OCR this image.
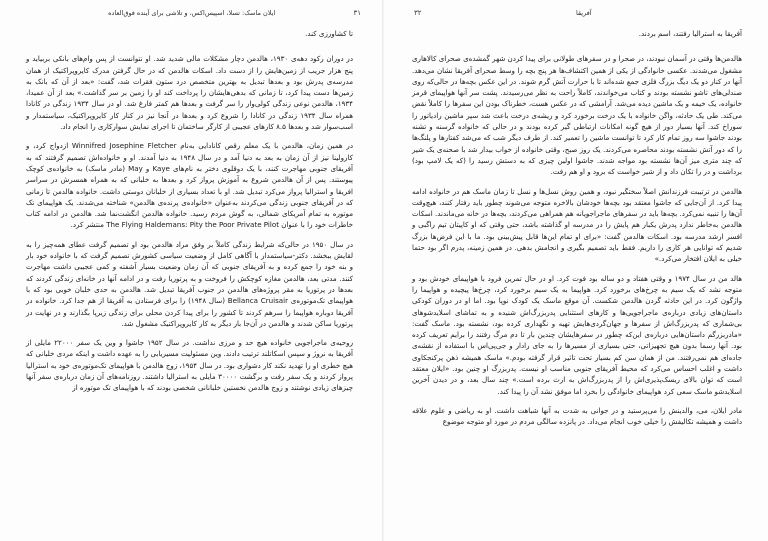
۳۱
ایلان ماسک: تسلا، اسپیس‌اکس، و تلاشی برای آینده فوق‌العاده

تا کشاورزی کند.

در دوران رکود دهه‌ی ۱۹۳۰، هالدمن دچار مشکلات مالی شدید شد. او نتوانست از پس وام‌های بانکی بربیاید و پنج هزار جریب از زمین‌هایش را از دست داد. اسکات هالدمن که در حال گرفتن مدرک کایروپراکتیک از همان مدرسه‌ی پدرش بود و بعدها تبدیل به بهترین متخصص درد ستون فقرات شد، گفت: «بعد از آن که بانک به زمین‌ها دست پیدا کرد، تا زمانی که بدهی‌هایشان را پرداخت کند او را زمین بر سر گذاشت.» بعد از آن عمیدا، ۱۹۳۴، هالدمن نوعی زندگی کولی‌وار را سر گرفت و بعدها هم کمتر فارغ شد. او در سال ۱۹۳۴ زندگی در کانادا همراه سال ۱۹۳۴ زندگی در کانادا را شروع کرد و بعدها در آنجا نیز در کنار کار کایروپراکتیک، سیاستمدار و اسب‌سوار شد و بعدها ۸.۵ کارهای عجیبی از کارگر ساختمان تا اجرای نمایش سوارکاری را انجام داد.

در همین زمان، هالدمن با یک معلم رقص کانادایی به‌نام Winnifred Josephine Fletcher ازدواج کرد، و کارولینا نیز از آن زمان به بعد به دنیا آمد و در سال ۱۹۴۸ به دنیا آمدند. او و خانواده‌اش تصمیم گرفتند که به آفریقای جنوبی مهاجرت کنند، با یک دوقلوی دختر به نام‌های Kaye و May (مادر ماسک) به خانواده‌ی کوچک پیوستند. پس از آن هالدمن شروع به آموزش پرواز کرد و بعدها به خلبانی که به همراه همسرش در سراسر افریقا و استرالیا پرواز می‌کرد تبدیل شد. او با تعداد بسیاری از خلبانان دوستی داشت. خانواده هالدمن تا زمانی که در آفریقای جنوبی زندگی می‌کردند به‌عنوان «خانواده‌ی پرنده‌ی هالدمن» شناخته می‌شدند. یک هواپیمای تک موتوره به تمام آمریکای شمالی، به گوش مردم رسید. خانواده هالدمن انگشت‌نما شد. هالدمن در ادامه کتاب خاطرات خود را با عنوان The Flying Haldemans: Pity the Poor Private Pilot منتشر کرد.

در سال ۱۹۵۰ در حالی‌که شرایط زندگی کاملاً بر وفق مراد هالدمن بود او تصمیم گرفت عطای همه‌چیز را به لقایش ببخشد. دکتر-سیاستمدار با آگاهی کامل از وضعیت سیاسی کشورش تصمیم گرفت که با خانواده خود بار و بنه خود را جمع کرده و به آفریقای جنوبی که آن زمان وضعیت بسیار آشفته و کمی عجیبی داشت مهاجرت کنند. مدتی بعد، هالدمن مغازه کوچکش را فروخت و به پرتوریا رفت و در ادامه آنها در خانه‌ای زندگی کردند که بعدها در پرتوریا به مقر پروژه‌های هالدمن در جنوب آفریقا تبدیل شد. هالدمن به حدی خلبان خوبی بود که با هواپیمای تک‌موتوره‌ی Bellanca Cruisair (سال ۱۹۴۸) را برای فرستادن به آفریقا از هم جدا کرد. خانواده در آفریقا دوباره هواپیما را سرهم کردند تا کشور را برای پیدا کردن محلی برای زندگی زیرپا بگذارند و در نهایت در پرتوریا ساکن شدند و هالدمن در آن‌جا بار دیگر به کار کایروپراکتیک مشغول شد.

روحیه‌ی ماجراجویی خانواده هیچ حد و مرزی نداشت. در سال ۱۹۵۲ جاشوا و وین یک سفر ۲۲۰۰۰ مایلی از آفریقا به نروژ و سپس اسکاتلند ترتیب دادند. وین مسئولیت مسیریابی را به عهده داشت و اینکه مردی خلبانی که هیچ خطری او را تهدید نکند کار دشواری بود. در سال ۱۹۵۴، زوج هالدمن با هواپیمای تک‌موتوره‌ی خود به استرالیا پرواز کردند و یک سفر رفت و برگشت ۳۰۰۰۰ مایلی به استرالیا داشتند. روزنامه‌های آن زمان درباره‌ی سفر آنها چیزهای زیادی نوشتند و زوج هالدمن نخستین خلبانانی شخصی بودند که با هواپیمای تک موتوره از

آفریقا
۳۲

آفریقا به استرالیا رفتند، اسم بردند.

هالدمن‌ها وقتی در آسمان نبودند، در صحرا و در سفرهای طولانی برای پیدا کردن شهر گمشده‌ی صحرای کالاهاری مشغول می‌شدند. عکسی خانوادگی از یکی از همین اکتشاف‌ها هر پنج بچه را وسط صحرای آفریقا نشان می‌دهد. آنها در کنار دو یک دیگ بزرگ فلزی جمع شده‌اند تا با حرارت آتش گرم شوند. در این عکس بچه‌ها در حالی‌که روی صندلی‌های تاشو نشسته بودند و کتاب می‌خواندند، کاملاً راحت به نظر می‌رسیدند. پشت سر آنها هواپیمای قرمز خانواده، یک خیمه و یک ماشین دیده می‌شد. آرامشی که در عکس هست، خطرناک بودن این سفرها را کاملاً نقض می‌کند. طی یک حادثه، واگن خانواده با یک درخت برخورد کرد و ریشه‌ی درخت باعث شد سپر ماشین رادیاتور را سوراخ کند. آنها بسیار دور از هیچ گونه امکانات ارتباطی گیر کرده بودند و در حالی که خانواده گرسنه و تشنه بودند جاشوا سه روز تمام کار کرد تا توانست ماشین را تعمیر کند. از طرف دیگر شب که می‌شد کفتارها و پلنگ‌ها را که دور آتش نشسته بودند محاصره می‌کردند. یک روز صبح، وقتی خانواده از خواب بیدار شد با صحنه‌ی یک شیر که چند متری میز آن‌ها نشسته بود مواجه شدند. جاشوا اولین چیزی که به دستش رسید را (که یک لامپ بود) برداشت و در را تکان داد و از شیر خواست که برود و او هم رفت.

هالدمن در ترتیبت فرزندانش اصلاً سختگیر نبود، و همین روش نسل‌ها و نسل تا زمان ماسک هم در خانواده ادامه پیدا کرد. از آن‌جایی که جاشوا معتقد بود بچه‌ها خودشان بالاخره متوجه می‌شوند چطور باید رفتار کنند، هیچ‌وقت آن‌ها را تنبیه نمی‌کرد. بچه‌ها باید در سفرهای ماجراجویانه هم همراهی می‌کردند، بچه‌ها در خانه می‌ماندند. اسکات هالدمن به‌خاطر ندارد پدرش یکبار هم پایش را در مدرسه او گذاشته باشد، حتی وقتی که او کاپیتان تیم راگبی و افسر ارشد مدرسه بود. اسکات هالدمن گفت: «برای او تمام این‌ها قابل پیش‌بینی بود. ما با این فرض‌ها بزرگ شدیم که توانایی هر کاری را داریم. فقط باید تصمیم بگیری و انجامش بدهی. در همین زمینه، پدرم اگر بود حتما خیلی به ایلان افتخار می‌کرد.»

هالد من در سال ۱۹۷۴ و وقتی هفتاد و دو ساله بود فوت کرد. او در حال تمرین فرود با هواپیمای خودش بود و متوجه نشد که یک سیم به چرخ‌های برخورد کرد. هواپیما به یک سیم برخورد کرد، چرخ‌ها پیچیده و هواپیما را واژگون کرد. در این حادثه گردن هالدمن شکست. آن موقع ماسک یک کودک نوپا بود. اما او در دوران کودکی داستان‌های زیادی درباره‌ی ماجراجویی‌ها و کارهای استثنایی پدربزرگ‌اش شنیده و به تماشای اسلایدشوهای بی‌شماری که پدربزرگ‌اش از سفرها و جهان‌گردی‌هایش تهیه و نگهداری کرده بود، نشسته بود. ماسک گفت: «مادربزرگم داستان‌هایی درباره‌ی این‌که چطور در سفرهایشان چندین بار تا دم مرگ رفتند را برایم تعریف کرده بود. آنها رسما بدون هیچ تجهیزاتی، حتی بسیاری از مسیرها را به جای رادار و جی‌پی‌اس با استفاده از نقشه‌ی جاده‌ای هم نمی‌رفتند. من از همان سن کم بسیار تحت تاثیر قرار گرفته بودم.» ماسک همیشه ذهن پرکنجکاوی داشت و اغلب احساس می‌کرد که محیط آفریقای جنوبی مناسب او نیست. پدربزرگ او چنین بود. «ایلان معتقد است که توان بالای ریسک‌پذیری‌اش را از پدربزرگ‌اش به ارث برده است.» چند سال بعد، و در دیدن آخرین اسلایدشو ماسک سعی کرد هواپیمای خانوادگی را بخرد اما موفق نشد آن را پیدا کند.

مادر ایلان، می، والدینش را می‌پرستید و در جوانی به شدت به آنها شباهت داشت. او به ریاضی و علوم علاقه داشت و همیشه تکالیفش را خیلی خوب انجام می‌داد. در پانزده سالگی مردم در مورد او متوجه موضوع
